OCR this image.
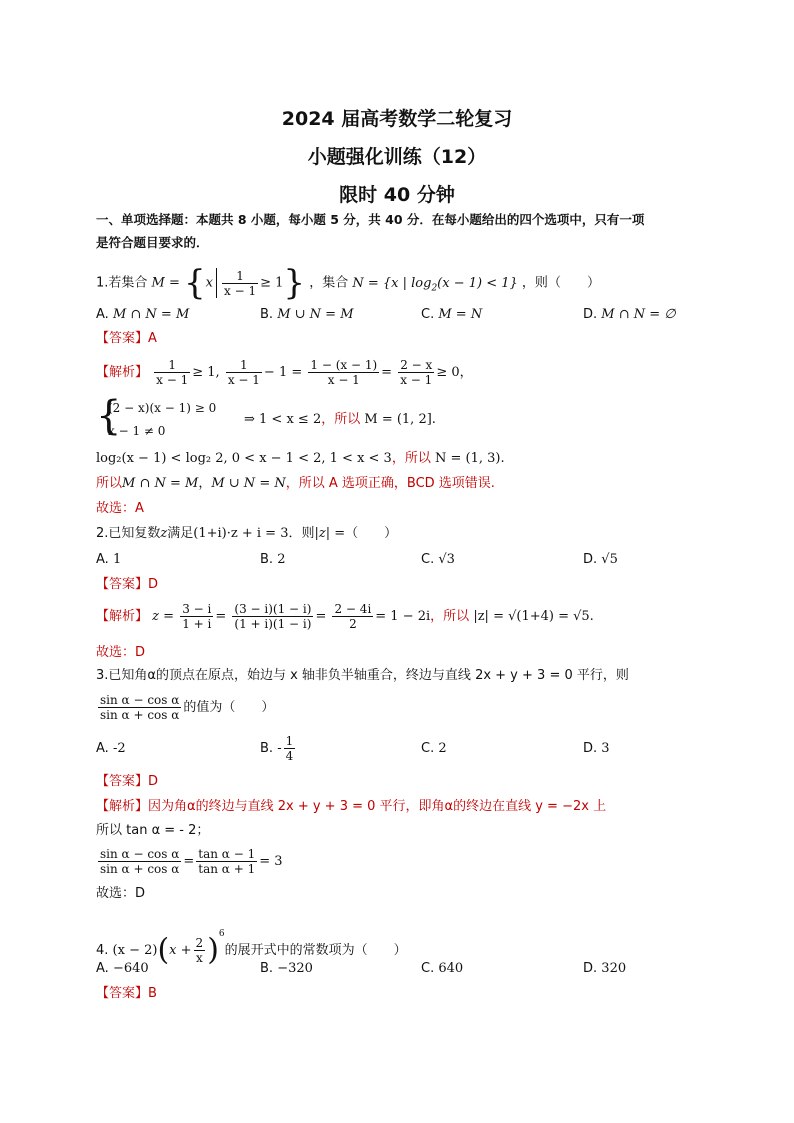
2024 届高考数学二轮复习
小题强化训练（12）
限时 40 分钟
一、单项选择题：本题共 8 小题，每小题 5 分，共 40 分．在每小题给出的四个选项中，只有一项
是符合题目要求的．
1.若集合 $M = \{x \frac{1}{x - 1} \ge 1\}$ ，集合 N = {x | $\log_2(x - 1) < 1$} ，则（　　）
A. M ∩ N = M	B. M ∪ N = M	C. M = N	D. M ∩ N = ∅
【答案】A
【解析】 $\frac{1}{x - 1} \ge 1$, $\frac{1}{x - 1} - 1 = \frac{1 - (x - 1)}{x - 1} = \frac{2 - x}{x - 1} \ge 0$，
{
(2 − x)(x − 1) ≥ 0
x − 1 ≠ 0
⇒ 1 < x ≤ 2，所以 M = (1, 2].
log₂(x − 1) < log₂ 2, 0 < x − 1 < 2, 1 < x < 3，所以 N = (1, 3).
所以M ∩ N = M，M ∪ N = N，所以 A 选项正确，BCD 选项错误.
故选：A
2.已知复数z满足(1+i)·z + i = 3．则|z| =（　　）
A. 1	B. 2	C. √3	D. √5
【答案】D
【解析】 $z = \frac{3 - i}{1 + i} = \frac{(3 - i)(1 - i)}{(1 + i)(1 - i)} = \frac{2 - 4i}{2} = 1 - 2i$，所以 |z| = √(1+4) = √5.
故选：D
3.已知角α的顶点在原点，始边与 x 轴非负半轴重合，终边与直线 2x + y + 3 = 0 平行，则
$\frac{\text{sin α − cos α}}{\text{sin α + cos α}}$ 的值为（　　）
A. -2	B. - $\frac{1}{4}$	C. 2	D. 3
【答案】D
【解析】因为角α的终边与直线 2x + y + 3 = 0 平行，即角α的终边在直线 y = −2x 上
所以 tan α = - 2；
$\frac{\text{sin α − cos α}}{\text{sin α + cos α}} = \frac{\text{tan α − 1}}{\text{tan α + 1}} = 3$
故选：D
4. $(x - 2)(x + \frac{2}{x} )^6$的展开式中的常数项为（　　）
A. −640	B. −320	C. 640	D. 320
【答案】B
